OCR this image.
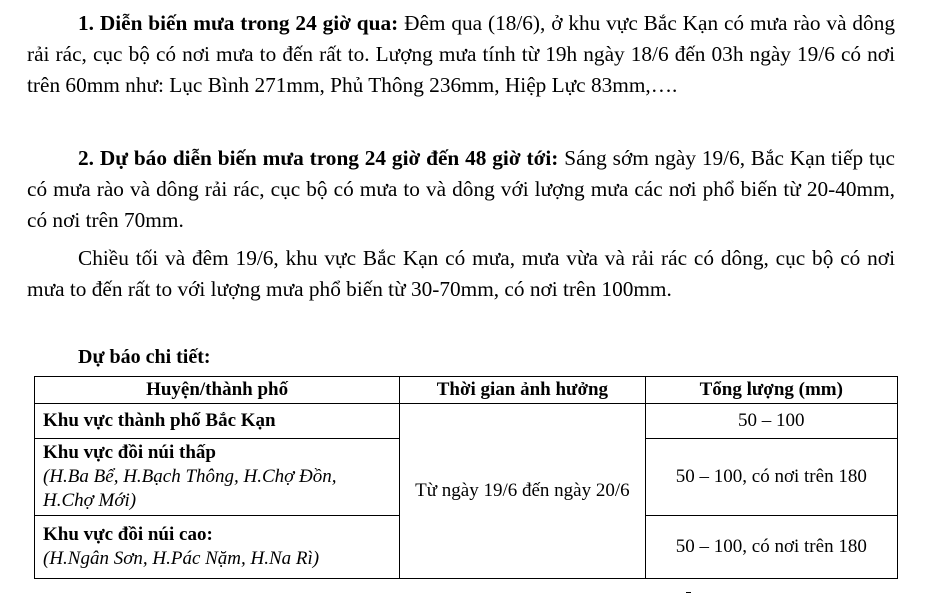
1. Diễn biến mưa trong 24 giờ qua: Đêm qua (18/6), ở khu vực Bắc Kạn có mưa rào và dông rải rác, cục bộ có nơi mưa to đến rất to. Lượng mưa tính từ 19h ngày 18/6 đến 03h ngày 19/6 có nơi trên 60mm như: Lục Bình 271mm, Phủ Thông 236mm, Hiệp Lực 83mm,….

2. Dự báo diễn biến mưa trong 24 giờ đến 48 giờ tới: Sáng sớm ngày 19/6, Bắc Kạn tiếp tục có mưa rào và dông rải rác, cục bộ có mưa to và dông với lượng mưa các nơi phổ biến từ 20-40mm, có nơi trên 70mm.

Chiều tối và đêm 19/6, khu vực Bắc Kạn có mưa, mưa vừa và rải rác có dông, cục bộ có nơi mưa to đến rất to với lượng mưa phổ biến từ 30-70mm, có nơi trên 100mm.

Dự báo chi tiết:
Huyện/thành phố	Thời gian ảnh hưởng	Tổng lượng (mm)

Khu vực thành phố Bắc Kạn	Từ ngày 19/6 đến ngày 20/6	50 – 100

Khu vực đồi núi thấp
(H.Ba Bể, H.Bạch Thông, H.Chợ Đồn, H.Chợ Mới)		50 – 100, có nơi trên 180

Khu vực đồi núi cao:
(H.Ngân Sơn, H.Pác Nặm, H.Na Rì)		50 – 100, có nơi trên 180
